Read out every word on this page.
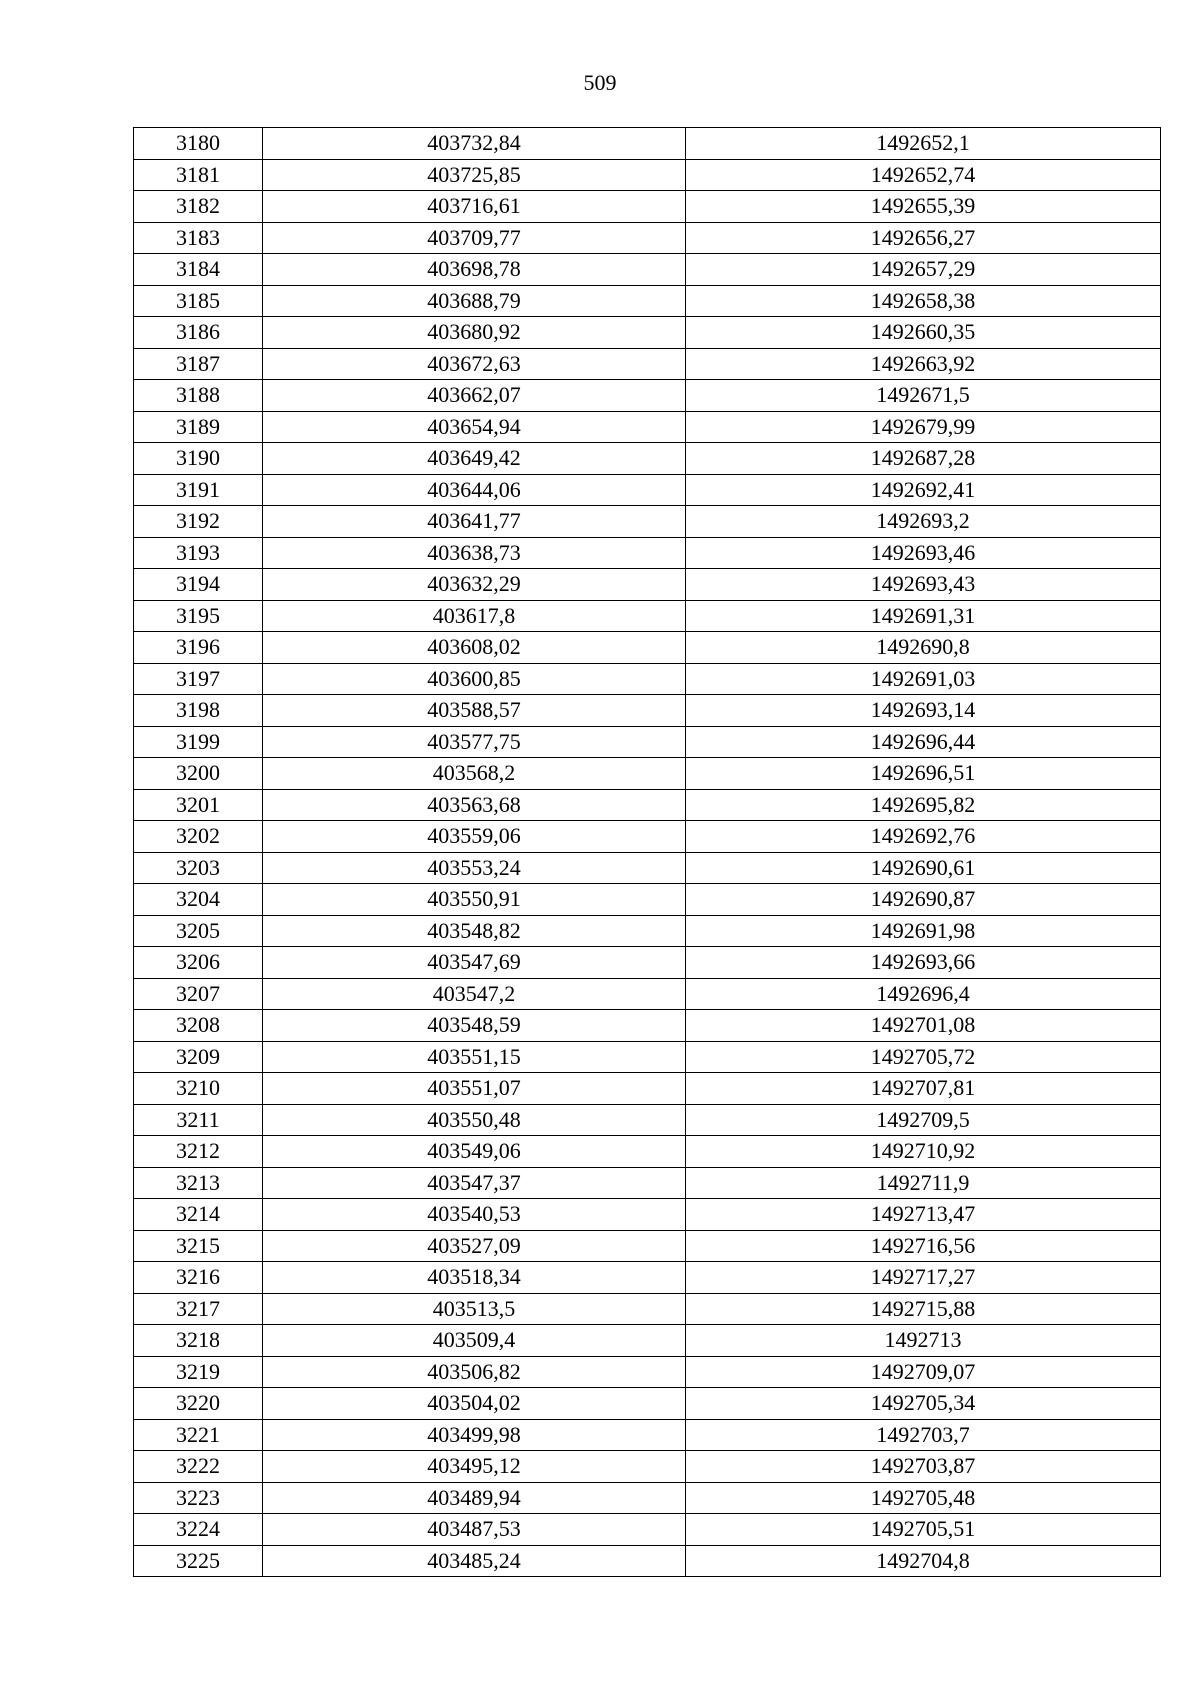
509
3180	403732,84	1492652,1
3181	403725,85	1492652,74
3182	403716,61	1492655,39
3183	403709,77	1492656,27
3184	403698,78	1492657,29
3185	403688,79	1492658,38
3186	403680,92	1492660,35
3187	403672,63	1492663,92
3188	403662,07	1492671,5
3189	403654,94	1492679,99
3190	403649,42	1492687,28
3191	403644,06	1492692,41
3192	403641,77	1492693,2
3193	403638,73	1492693,46
3194	403632,29	1492693,43
3195	403617,8	1492691,31
3196	403608,02	1492690,8
3197	403600,85	1492691,03
3198	403588,57	1492693,14
3199	403577,75	1492696,44
3200	403568,2	1492696,51
3201	403563,68	1492695,82
3202	403559,06	1492692,76
3203	403553,24	1492690,61
3204	403550,91	1492690,87
3205	403548,82	1492691,98
3206	403547,69	1492693,66
3207	403547,2	1492696,4
3208	403548,59	1492701,08
3209	403551,15	1492705,72
3210	403551,07	1492707,81
3211	403550,48	1492709,5
3212	403549,06	1492710,92
3213	403547,37	1492711,9
3214	403540,53	1492713,47
3215	403527,09	1492716,56
3216	403518,34	1492717,27
3217	403513,5	1492715,88
3218	403509,4	1492713
3219	403506,82	1492709,07
3220	403504,02	1492705,34
3221	403499,98	1492703,7
3222	403495,12	1492703,87
3223	403489,94	1492705,48
3224	403487,53	1492705,51
3225	403485,24	1492704,8
